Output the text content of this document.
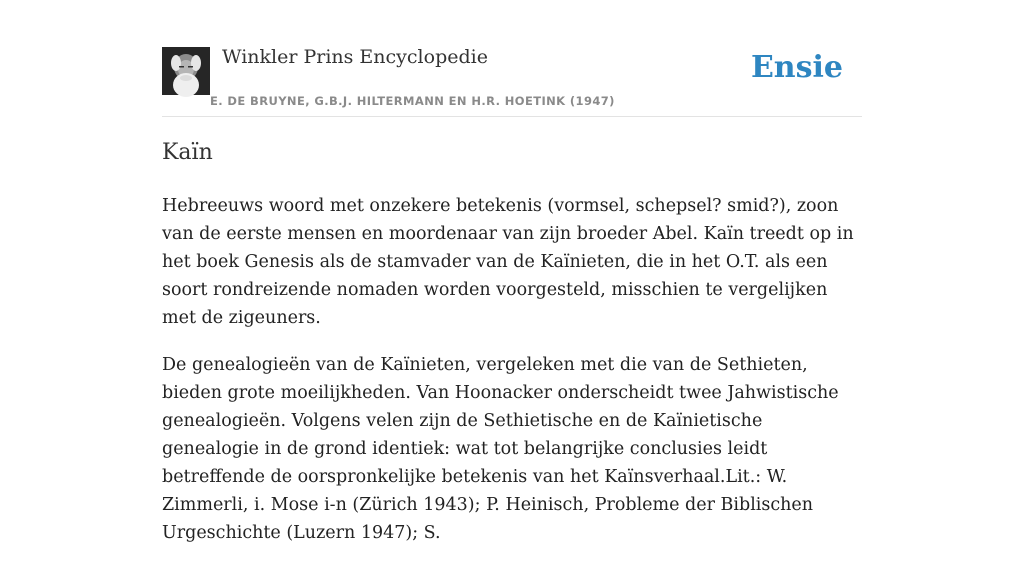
Winkler Prins Encyclopedie
E. DE BRUYNE, G.B.J. HILTERMANN EN H.R. HOETINK (1947)
Ensie
Kaïn

Hebreeuws woord met onzekere betekenis (vormsel, schepsel? smid?), zoon van de eerste mensen en moordenaar van zijn broeder Abel. Kaïn treedt op in het boek Genesis als de stamvader van de Kaïnieten, die in het O.T. als een soort rondreizende nomaden worden voorgesteld, misschien te vergelijken met de zigeuners.

De genealogieën van de Kaïnieten, vergeleken met die van de Sethieten, bieden grote moeilijkheden. Van Hoonacker onderscheidt twee Jahwistische genealogieën. Volgens velen zijn de Sethietische en de Kaïnietische genealogie in de grond identiek: wat tot belangrijke conclusies leidt betreffende de oorspronkelijke betekenis van het Kaïnsverhaal.Lit.: W. Zimmerli, i. Mose i-n (Zürich 1943); P. Heinisch, Probleme der Biblischen Urgeschichte (Luzern 1947); S.
